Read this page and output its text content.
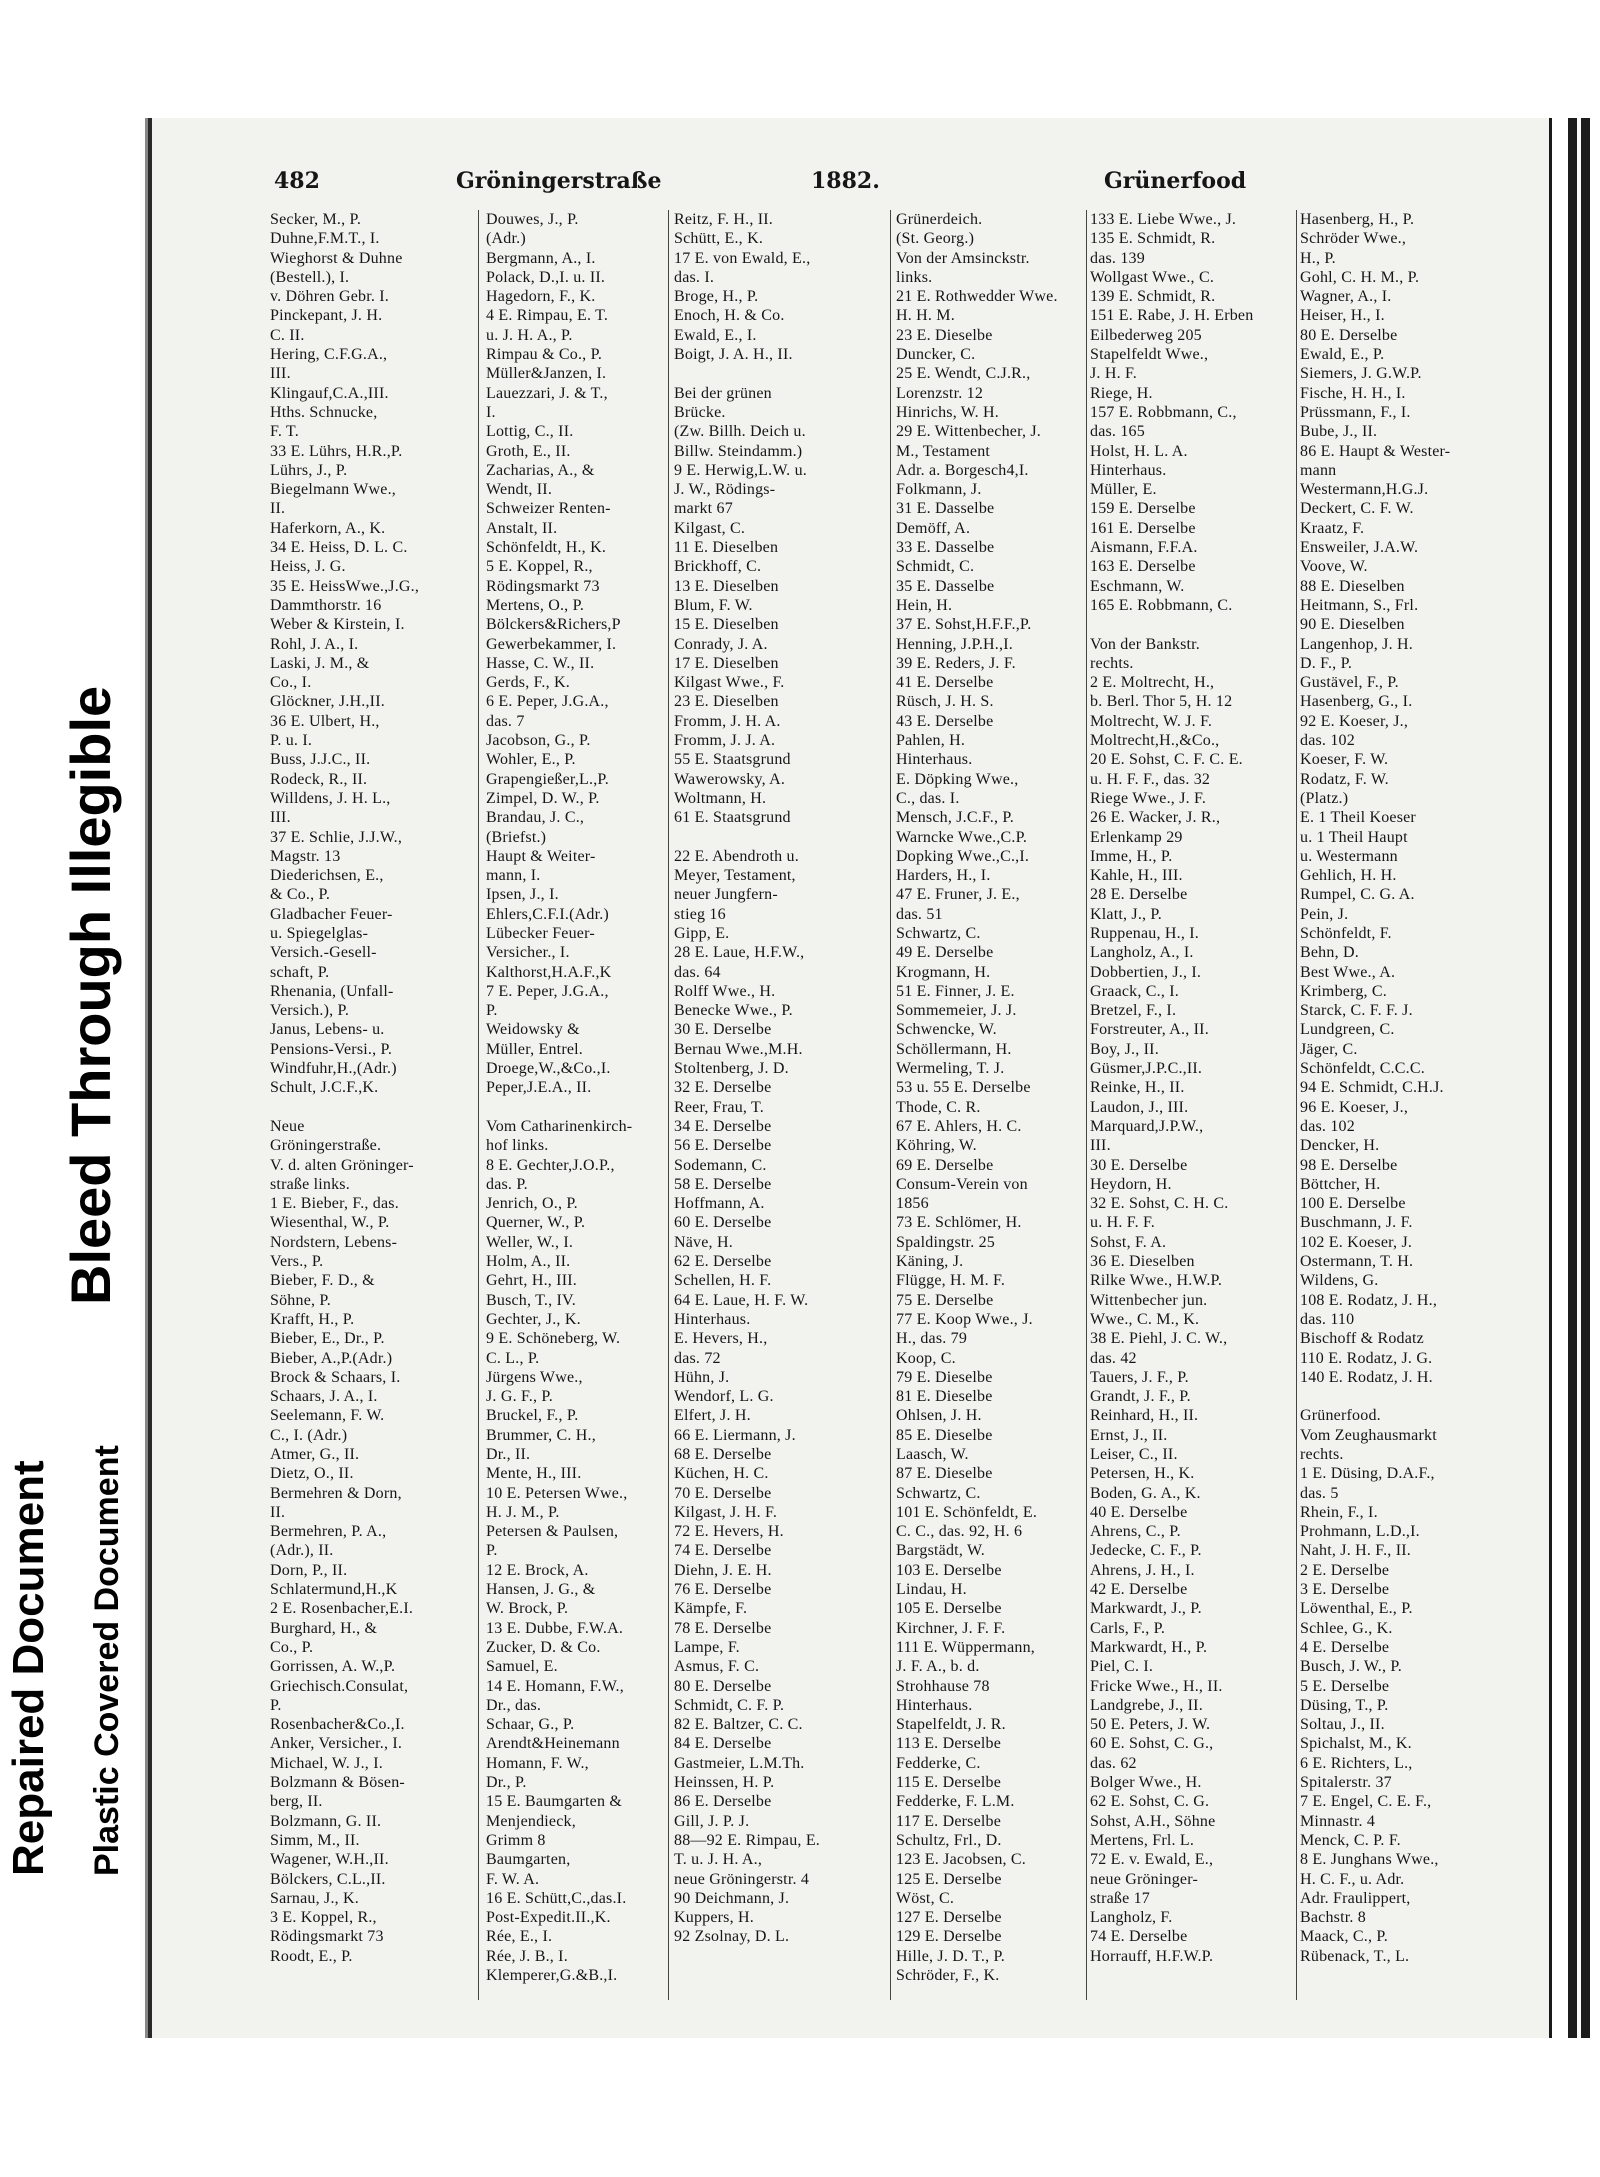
Repaired Document Plastic Covered Document
Bleed Through Illegible
482	Gröningerstraße	1882.	Grünerfood
Secker, M., P.
Duhne,F.M.T., I.
Wieghorst & Duhne
(Bestell.), I.
v. Döhren Gebr. I.
Pinckepant, J. H.
C. II.
Hering, C.F.G.A.,
III.
Klingauf,C.A.,III.
Hths. Schnucke,
F. T.
33 E. Lührs, H.R.,P.
Lührs, J., P.
Biegelmann Wwe.,
II.
Haferkorn, A., K.
34 E. Heiss, D. L. C.
Heiss, J. G.
35 E. HeissWwe.,J.G.,
Dammthorstr. 16
Weber & Kirstein, I.
Rohl, J. A., I.
Laski, J. M., &
Co., I.
Glöckner, J.H.,II.
36 E. Ulbert, H.,
P. u. I.
Buss, J.J.C., II.
Rodeck, R., II.
Willdens, J. H. L.,
III.
37 E. Schlie, J.J.W.,
Magstr. 13
Diederichsen, E.,
& Co., P.
Gladbacher Feuer-
u. Spiegelglas-
Versich.-Gesell-
schaft, P.
Rhenania, (Unfall-
Versich.), P.
Janus, Lebens- u.
Pensions-Versi., P.
Windfuhr,H.,(Adr.)
Schult, J.C.F.,K.
Neue
Gröningerstraße.
V. d. alten Gröninger-
straße links.
1 E. Bieber, F., das.
Wiesenthal, W., P.
Nordstern, Lebens-
Vers., P.
Bieber, F. D., &
Söhne, P.
Krafft, H., P.
Bieber, E., Dr., P.
Bieber, A.,P.(Adr.)
Brock & Schaars, I.
Schaars, J. A., I.
Seelemann, F. W.
C., I. (Adr.)
Atmer, G., II.
Dietz, O., II.
Bermehren & Dorn,
II.
Bermehren, P. A.,
(Adr.), II.
Dorn, P., II.
Schlatermund,H.,K
2 E. Rosenbacher,E.I.
Burghard, H., &
Co., P.
Gorrissen, A. W.,P.
Griechisch.Consulat,
P.
Rosenbacher&Co.,I.
Anker, Versicher., I.
Michael, W. J., I.
Bolzmann & Bösen-
berg, II.
Bolzmann, G. II.
Simm, M., II.
Wagener, W.H.,II.
Bölckers, C.L.,II.
Sarnau, J., K.
3 E. Koppel, R.,
Rödingsmarkt 73
Roodt, E., P.
Douwes, J., P.
(Adr.)
Bergmann, A., I.
Polack, D.,I. u. II.
Hagedorn, F., K.
4 E. Rimpau, E. T.
u. J. H. A., P.
Rimpau & Co., P.
Müller&Janzen, I.
Lauezzari, J. & T.,
I.
Lottig, C., II.
Groth, E., II.
Zacharias, A., &
Wendt, II.
Schweizer Renten-
Anstalt, II.
Schönfeldt, H., K.
5 E. Koppel, R.,
Rödingsmarkt 73
Mertens, O., P.
Bölckers&Richers,P
Gewerbekammer, I.
Hasse, C. W., II.
Gerds, F., K.
6 E. Peper, J.G.A.,
das. 7
Jacobson, G., P.
Wohler, E., P.
Grapengießer,L.,P.
Zimpel, D. W., P.
Brandau, J. C.,
(Briefst.)
Haupt & Weiter-
mann, I.
Ipsen, J., I.
Ehlers,C.F.I.(Adr.)
Lübecker Feuer-
Versicher., I.
Kalthorst,H.A.F.,K
7 E. Peper, J.G.A.,
P.
Weidowsky &
Müller, Entrel.
Droege,W.,&Co.,I.
Peper,J.E.A., II.
Vom Catharinenkirch-
hof links.
8 E. Gechter,J.O.P.,
das. P.
Jenrich, O., P.
Querner, W., P.
Weller, W., I.
Holm, A., II.
Gehrt, H., III.
Busch, T., IV.
Gechter, J., K.
9 E. Schöneberg, W.
C. L., P.
Jürgens Wwe.,
J. G. F., P.
Bruckel, F., P.
Brummer, C. H.,
Dr., II.
Mente, H., III.
10 E. Petersen Wwe.,
H. J. M., P.
Petersen & Paulsen,
P.
12 E. Brock, A.
Hansen, J. G., &
W. Brock, P.
13 E. Dubbe, F.W.A.
Zucker, D. & Co.
Samuel, E.
14 E. Homann, F.W.,
Dr., das.
Schaar, G., P.
Arendt&Heinemann
Homann, F. W.,
Dr., P.
15 E. Baumgarten &
Menjendieck,
Grimm 8
Baumgarten,
F. W. A.
16 E. Schütt,C.,das.I.
Post-Expedit.II.,K.
Rée, E., I.
Rée, J. B., I.
Klemperer,G.&B.,I.
Reitz, F. H., II.
Schütt, E., K.
17 E. von Ewald, E.,
das. I.
Broge, H., P.
Enoch, H. & Co.
Ewald, E., I.
Boigt, J. A. H., II.
Bei der grünen
Brücke.
(Zw. Billh. Deich u.
Billw. Steindamm.)
9 E. Herwig,L.W. u.
J. W., Rödings-
markt 67
Kilgast, C.
11 E. Dieselben
Brickhoff, C.
13 E. Dieselben
Blum, F. W.
15 E. Dieselben
Conrady, J. A.
17 E. Dieselben
Kilgast Wwe., F.
23 E. Dieselben
Fromm, J. H. A.
Fromm, J. J. A.
55 E. Staatsgrund
Wawerowsky, A.
Woltmann, H.
61 E. Staatsgrund
22 E. Abendroth u.
Meyer, Testament,
neuer Jungfern-
stieg 16
Gipp, E.
28 E. Laue, H.F.W.,
das. 64
Rolff Wwe., H.
Benecke Wwe., P.
30 E. Derselbe
Bernau Wwe.,M.H.
Stoltenberg, J. D.
32 E. Derselbe
Reer, Frau, T.
34 E. Derselbe
56 E. Derselbe
Sodemann, C.
58 E. Derselbe
Hoffmann, A.
60 E. Derselbe
Näve, H.
62 E. Derselbe
Schellen, H. F.
64 E. Laue, H. F. W.
Hinterhaus.
E. Hevers, H.,
das. 72
Hühn, J.
Wendorf, L. G.
Elfert, J. H.
66 E. Liermann, J.
68 E. Derselbe
Küchen, H. C.
70 E. Derselbe
Kilgast, J. H. F.
72 E. Hevers, H.
74 E. Derselbe
Diehn, J. E. H.
76 E. Derselbe
Kämpfe, F.
78 E. Derselbe
Lampe, F.
Asmus, F. C.
80 E. Derselbe
Schmidt, C. F. P.
82 E. Baltzer, C. C.
84 E. Derselbe
Gastmeier, L.M.Th.
Heinssen, H. P.
86 E. Derselbe
Gill, J. P. J.
88—92 E. Rimpau, E.
T. u. J. H. A.,
neue Gröningerstr. 4
90 Deichmann, J.
Kuppers, H.
92 Zsolnay, D. L.
Grünerdeich.
(St. Georg.)
Von der Amsinckstr.
links.
21 E. Rothwedder Wwe.
H. H. M.
23 E. Dieselbe
Duncker, C.
25 E. Wendt, C.J.R.,
Lorenzstr. 12
Hinrichs, W. H.
29 E. Wittenbecher, J.
M., Testament
Adr. a. Borgesch4,I.
Folkmann, J.
31 E. Dasselbe
Demöff, A.
33 E. Dasselbe
Schmidt, C.
35 E. Dasselbe
Hein, H.
37 E. Sohst,H.F.F.,P.
Henning, J.P.H.,I.
39 E. Reders, J. F.
41 E. Derselbe
Rüsch, J. H. S.
43 E. Derselbe
Pahlen, H.
Hinterhaus.
E. Döpking Wwe.,
C., das. I.
Mensch, J.C.F., P.
Warncke Wwe.,C.P.
Dopking Wwe.,C.,I.
Harders, H., I.
47 E. Fruner, J. E.,
das. 51
Schwartz, C.
49 E. Derselbe
Krogmann, H.
51 E. Finner, J. E.
Sommemeier, J. J.
Schwencke, W.
Schöllermann, H.
Wermeling, T. J.
53 u. 55 E. Derselbe
Thode, C. R.
67 E. Ahlers, H. C.
Köhring, W.
69 E. Derselbe
Consum-Verein von
1856
73 E. Schlömer, H.
Spaldingstr. 25
Käning, J.
Flügge, H. M. F.
75 E. Derselbe
77 E. Koop Wwe., J.
H., das. 79
Koop, C.
79 E. Dieselbe
81 E. Dieselbe
Ohlsen, J. H.
85 E. Dieselbe
Laasch, W.
87 E. Dieselbe
Schwartz, C.
101 E. Schönfeldt, E.
C. C., das. 92, H. 6
Bargstädt, W.
103 E. Derselbe
Lindau, H.
105 E. Derselbe
Kirchner, J. F. F.
111 E. Wüppermann,
J. F. A., b. d.
Strohhause 78
Hinterhaus.
Stapelfeldt, J. R.
113 E. Derselbe
Fedderke, C.
115 E. Derselbe
Fedderke, F. L.M.
117 E. Derselbe
Schultz, Frl., D.
123 E. Jacobsen, C.
125 E. Derselbe
Wöst, C.
127 E. Derselbe
129 E. Derselbe
Hille, J. D. T., P.
Schröder, F., K.
133 E. Liebe Wwe., J.
135 E. Schmidt, R.
das. 139
Wollgast Wwe., C.
139 E. Schmidt, R.
151 E. Rabe, J. H. Erben
Eilbederweg 205
Stapelfeldt Wwe.,
J. H. F.
Riege, H.
157 E. Robbmann, C.,
das. 165
Holst, H. L. A.
Hinterhaus.
Müller, E.
159 E. Derselbe
161 E. Derselbe
Aismann, F.F.A.
163 E. Derselbe
Eschmann, W.
165 E. Robbmann, C.
Von der Bankstr.
rechts.
2 E. Moltrecht, H.,
b. Berl. Thor 5, H. 12
Moltrecht, W. J. F.
Moltrecht,H.,&Co.,
20 E. Sohst, C. F. C. E.
u. H. F. F., das. 32
Riege Wwe., J. F.
26 E. Wacker, J. R.,
Erlenkamp 29
Imme, H., P.
Kahle, H., III.
28 E. Derselbe
Klatt, J., P.
Ruppenau, H., I.
Langholz, A., I.
Dobbertien, J., I.
Graack, C., I.
Bretzel, F., I.
Forstreuter, A., II.
Boy, J., II.
Güsmer,J.P.C.,II.
Reinke, H., II.
Laudon, J., III.
Marquard,J.P.W.,
III.
30 E. Derselbe
Heydorn, H.
32 E. Sohst, C. H. C.
u. H. F. F.
Sohst, F. A.
36 E. Dieselben
Rilke Wwe., H.W.P.
Wittenbecher jun.
Wwe., C. M., K.
38 E. Piehl, J. C. W.,
das. 42
Tauers, J. F., P.
Grandt, J. F., P.
Reinhard, H., II.
Ernst, J., II.
Leiser, C., II.
Petersen, H., K.
Boden, G. A., K.
40 E. Derselbe
Ahrens, C., P.
Jedecke, C. F., P.
Ahrens, J. H., I.
42 E. Derselbe
Markwardt, J., P.
Carls, F., P.
Markwardt, H., P.
Piel, C. I.
Fricke Wwe., H., II.
Landgrebe, J., II.
50 E. Peters, J. W.
60 E. Sohst, C. G.,
das. 62
Bolger Wwe., H.
62 E. Sohst, C. G.
Sohst, A.H., Söhne
Mertens, Frl. L.
72 E. v. Ewald, E.,
neue Gröninger-
straße 17
Langholz, F.
74 E. Derselbe
Horrauff, H.F.W.P.
Hasenberg, H., P.
Schröder Wwe.,
H., P.
Gohl, C. H. M., P.
Wagner, A., I.
Heiser, H., I.
80 E. Derselbe
Ewald, E., P.
Siemers, J. G.W.P.
Fische, H. H., I.
Prüssmann, F., I.
Bube, J., II.
86 E. Haupt & Wester-
mann
Westermann,H.G.J.
Deckert, C. F. W.
Kraatz, F.
Ensweiler, J.A.W.
Voove, W.
88 E. Dieselben
Heitmann, S., Frl.
90 E. Dieselben
Langenhop, J. H.
D. F., P.
Gustävel, F., P.
Hasenberg, G., I.
92 E. Koeser, J.,
das. 102
Koeser, F. W.
Rodatz, F. W.
(Platz.)
E. 1 Theil Koeser
u. 1 Theil Haupt
u. Westermann
Gehlich, H. H.
Rumpel, C. G. A.
Pein, J.
Schönfeldt, F.
Behn, D.
Best Wwe., A.
Krimberg, C.
Starck, C. F. F. J.
Lundgreen, C.
Jäger, C.
Schönfeldt, C.C.C.
94 E. Schmidt, C.H.J.
96 E. Koeser, J.,
das. 102
Dencker, H.
98 E. Derselbe
Böttcher, H.
100 E. Derselbe
Buschmann, J. F.
102 E. Koeser, J.
Ostermann, T. H.
Wildens, G.
108 E. Rodatz, J. H.,
das. 110
Bischoff & Rodatz
110 E. Rodatz, J. G.
140 E. Rodatz, J. H.
Grünerfood.
Vom Zeughausmarkt
rechts.
1 E. Düsing, D.A.F.,
das. 5
Rhein, F., I.
Prohmann, L.D.,I.
Naht, J. H. F., II.
2 E. Derselbe
3 E. Derselbe
Löwenthal, E., P.
Schlee, G., K.
4 E. Derselbe
Busch, J. W., P.
5 E. Derselbe
Düsing, T., P.
Soltau, J., II.
Spichalst, M., K.
6 E. Richters, L.,
Spitalerstr. 37
7 E. Engel, C. E. F.,
Minnastr. 4
Menck, C. P. F.
8 E. Junghans Wwe.,
H. C. F., u. Adr.
Adr. Fraulippert,
Bachstr. 8
Maack, C., P.
Rübenack, T., L.
